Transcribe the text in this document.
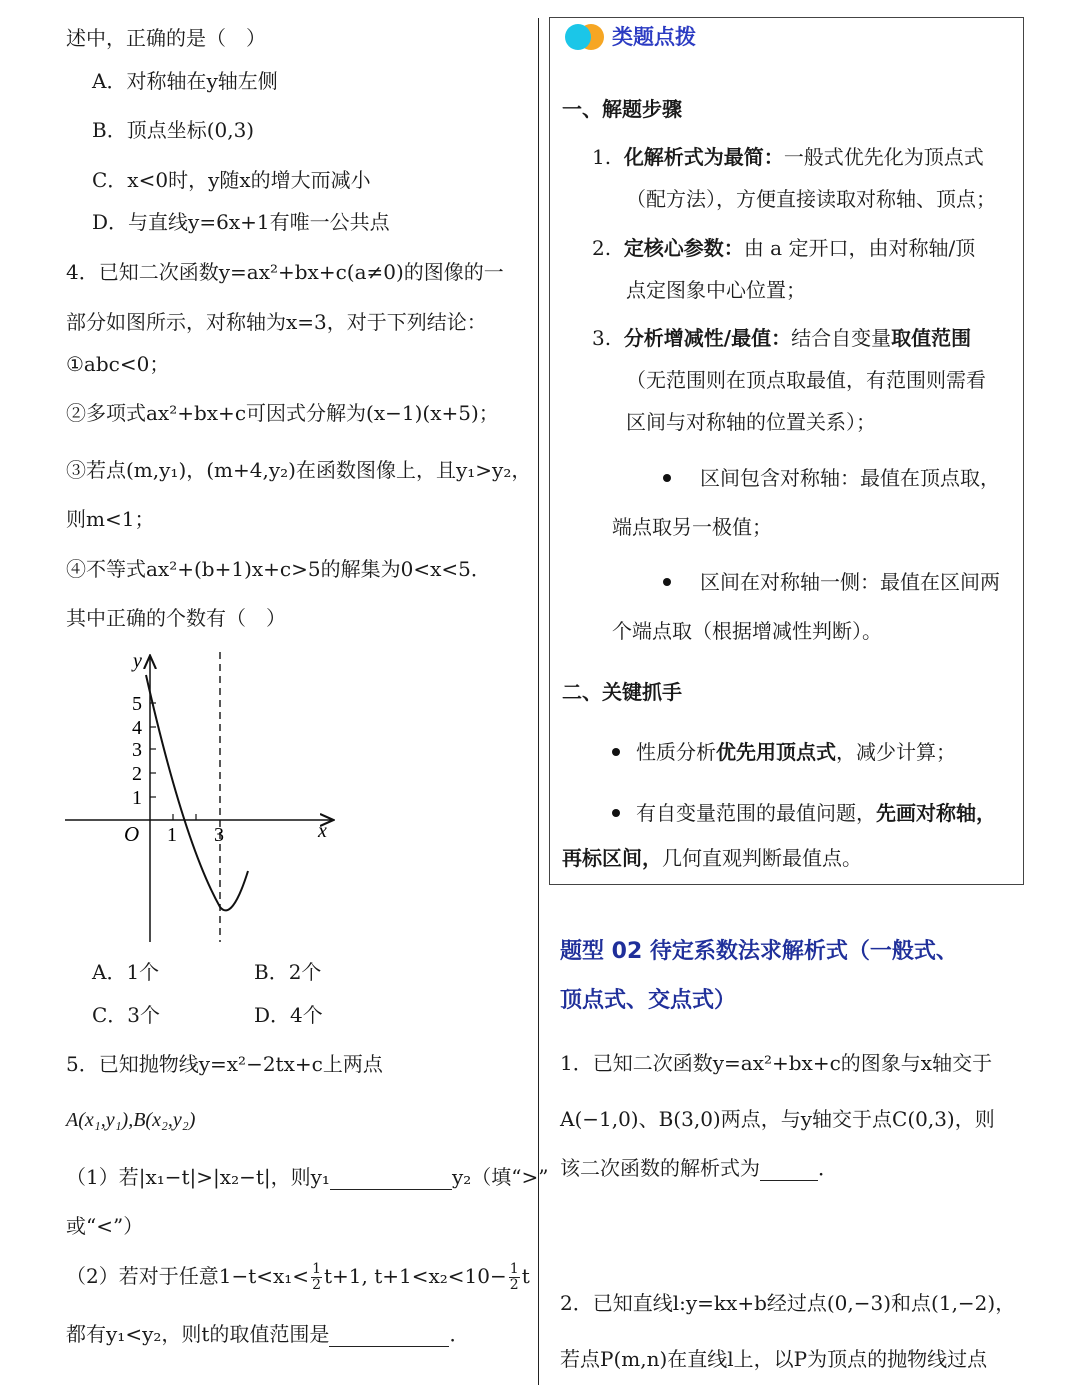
述中，正确的是（　）
A．对称轴在y轴左侧
B．顶点坐标(0,3)
C．x<0时，y随x的增大而减小
D．与直线y=6x+1有唯一公共点
4．已知二次函数y=ax²+bx+c(a≠0)的图像的一
部分如图所示，对称轴为x=3，对于下列结论：
①abc<0；
②多项式ax²+bx+c可因式分解为(x−1)(x+5)；
③若点(m,y₁)，(m+4,y₂)在函数图像上，且y₁>y₂，
则m<1；
④不等式ax²+(b+1)x+c>5的解集为0<x<5．
其中正确的个数有（　）
y
x
O
5
4
3
2
1
1 3
A．1个	B．2个
C．3个	D．4个
5．已知抛物线y=x²−2tx+c上两点
A(x₁,y₁),B(x₂,y₂)
（1）若|x₁−t|>|x₂−t|，则y₁	y₂（填“>”
或“<”）
（2）若对于任意$1-t<x_1< \frac{1}{2} t+1$, $t+1<x_2<10- \frac{1}{2}$ t
都有y₁<y₂，则t的取值范围是	．
类题点拨
一、解题步骤
1. 化解析式为最简：一般式优先化为顶点式
（配方法），方便直接读取对称轴、顶点；
2. 定核心参数：由 a 定开口，由对称轴/顶
点定图象中心位置；
3. 分析增减性/最值：结合自变量取值范围
（无范围则在顶点取最值，有范围则需看
区间与对称轴的位置关系）；
区间包含对称轴：最值在顶点取，
端点取另一极值；
区间在对称轴一侧：最值在区间两
个端点取（根据增减性判断）。
二、关键抓手
性质分析优先用顶点式，减少计算；
有自变量范围的最值问题，先画对称轴，
再标区间，几何直观判断最值点。
题型 02 待定系数法求解析式（一般式、
顶点式、交点式）
1．已知二次函数y=ax²+bx+c的图象与x轴交于
A(−1,0)、B(3,0)两点，与y轴交于点C(0,3)，则
该二次函数的解析式为	．
2．已知直线l:y=kx+b经过点(0,−3)和点(1,−2)，
若点P(m,n)在直线l上，以P为顶点的抛物线过点
